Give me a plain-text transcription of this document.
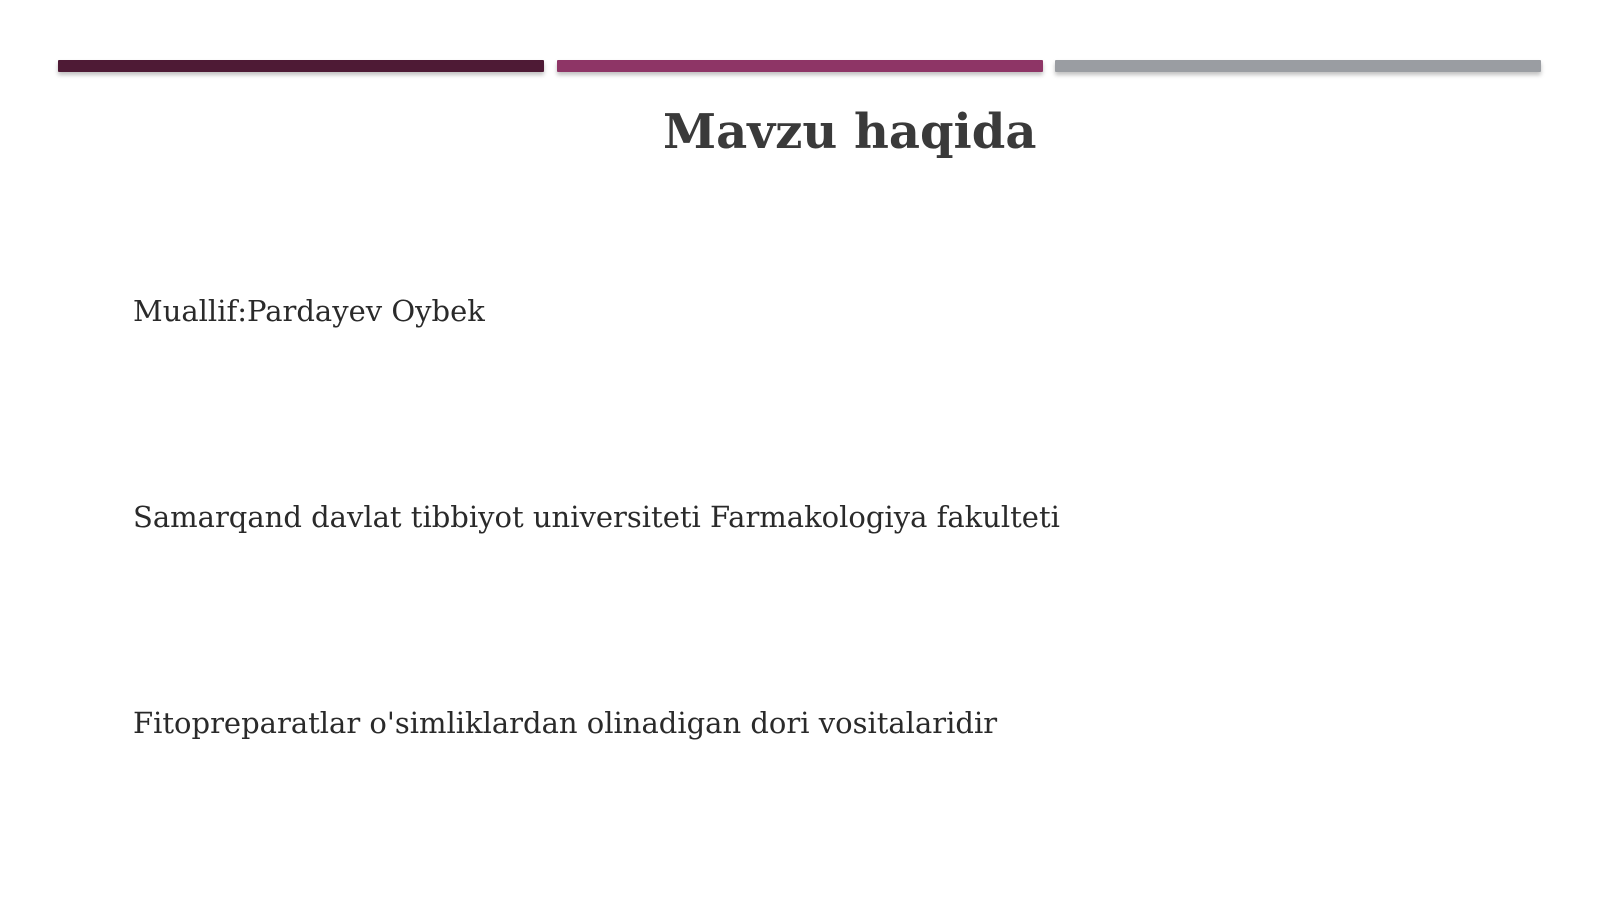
Mavzu haqida
Muallif:Pardayev Oybek
Samarqand davlat tibbiyot universiteti Farmakologiya fakulteti
Fitopreparatlar o'simliklardan olinadigan dori vositalaridir
